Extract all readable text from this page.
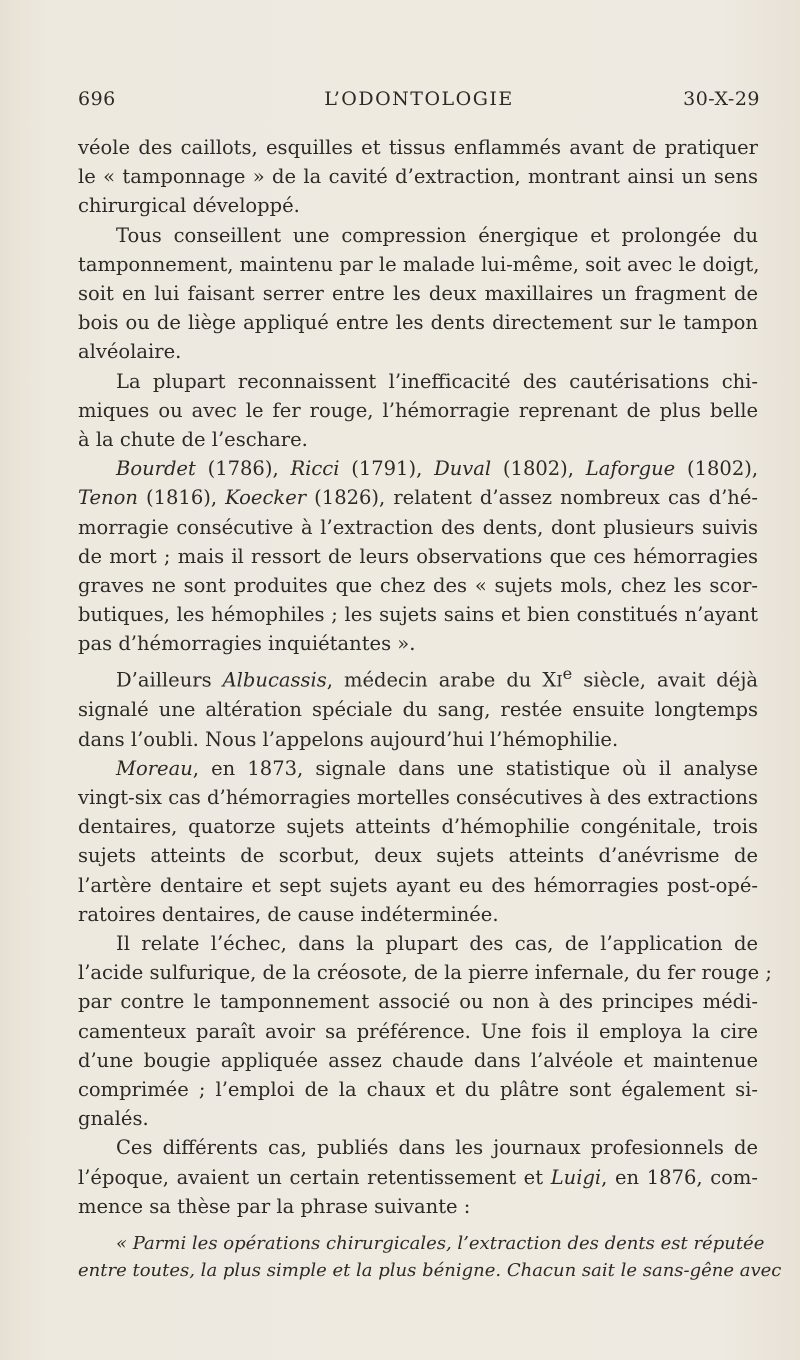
696	L’ODONTOLOGIE	30-X-29

véole des caillots, esquilles et tissus enflammés avant de pratiquer
le « tamponnage » de la cavité d’extraction, montrant ainsi un sens
chirurgical développé.

Tous conseillent une compression énergique et prolongée du
tamponnement, maintenu par le malade lui-même, soit avec le doigt,
soit en lui faisant serrer entre les deux maxillaires un fragment de
bois ou de liège appliqué entre les dents directement sur le tampon
alvéolaire.

La plupart reconnaissent l’inefficacité des cautérisations chi-
miques ou avec le fer rouge, l’hémorragie reprenant de plus belle
à la chute de l’eschare.

Bourdet (1786), Ricci (1791), Duval (1802), Laforgue (1802),
Tenon (1816), Koecker (1826), relatent d’assez nombreux cas d’hé-
morragie consécutive à l’extraction des dents, dont plusieurs suivis
de mort ; mais il ressort de leurs observations que ces hémorragies
graves ne sont produites que chez des « sujets mols, chez les scor-
butiques, les hémophiles ; les sujets sains et bien constitués n’ayant
pas d’hémorragies inquiétantes ».

D’ailleurs Albucassis, médecin arabe du XIe siècle, avait déjà
signalé une altération spéciale du sang, restée ensuite longtemps
dans l’oubli. Nous l’appelons aujourd’hui l’hémophilie.

Moreau, en 1873, signale dans une statistique où il analyse
vingt-six cas d’hémorragies mortelles consécutives à des extractions
dentaires, quatorze sujets atteints d’hémophilie congénitale, trois
sujets atteints de scorbut, deux sujets atteints d’anévrisme de
l’artère dentaire et sept sujets ayant eu des hémorragies post-opé-
ratoires dentaires, de cause indéterminée.

Il relate l’échec, dans la plupart des cas, de l’application de
l’acide sulfurique, de la créosote, de la pierre infernale, du fer rouge ;
par contre le tamponnement associé ou non à des principes médi-
camenteux paraît avoir sa préférence. Une fois il employa la cire
d’une bougie appliquée assez chaude dans l’alvéole et maintenue
comprimée ; l’emploi de la chaux et du plâtre sont également si-
gnalés.

Ces différents cas, publiés dans les journaux profesionnels de
l’époque, avaient un certain retentissement et Luigi, en 1876, com-
mence sa thèse par la phrase suivante :

« Parmi les opérations chirurgicales, l’extraction des dents est réputée
entre toutes, la plus simple et la plus bénigne. Chacun sait le sans-gêne avec
